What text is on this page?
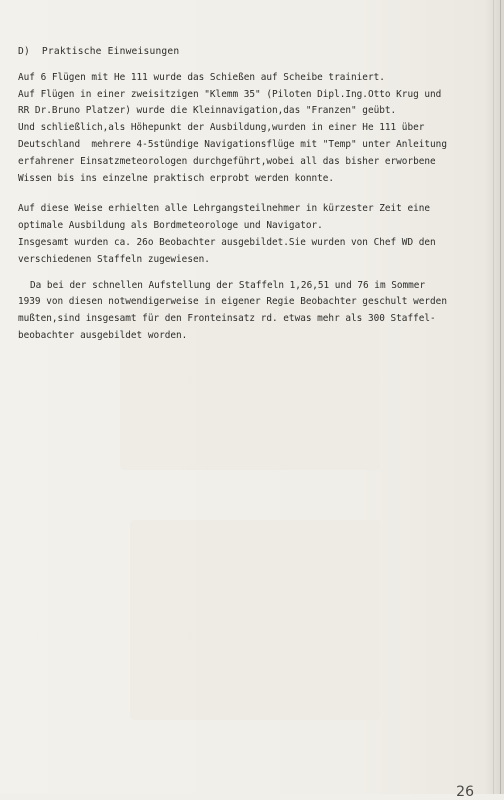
D)  Praktische Einweisungen

Auf 6 Flügen mit He 111 wurde das Schießen auf Scheibe trainiert.

Auf Flügen in einer zweisitzigen "Klemm 35" (Piloten Dipl.Ing.Otto Krug und

RR Dr.Bruno Platzer) wurde die Kleinnavigation,das "Franzen" geübt.

Und schließlich,als Höhepunkt der Ausbildung,wurden in einer He 111 über

Deutschland  mehrere 4-5stündige Navigationsflüge mit "Temp" unter Anleitung

erfahrener Einsatzmeteorologen durchgeführt,wobei all das bisher erworbene

Wissen bis ins einzelne praktisch erprobt werden konnte.

Auf diese Weise erhielten alle Lehrgangsteilnehmer in kürzester Zeit eine

optimale Ausbildung als Bordmeteorologe und Navigator.

Insgesamt wurden ca. 26o Beobachter ausgebildet.Sie wurden von Chef WD den

verschiedenen Staffeln zugewiesen.

Da bei der schnellen Aufstellung der Staffeln 1,26,51 und 76 im Sommer

1939 von diesen notwendigerweise in eigener Regie Beobachter geschult werden

mußten,sind insgesamt für den Fronteinsatz rd. etwas mehr als 300 Staffel-

beobachter ausgebildet worden.

26
